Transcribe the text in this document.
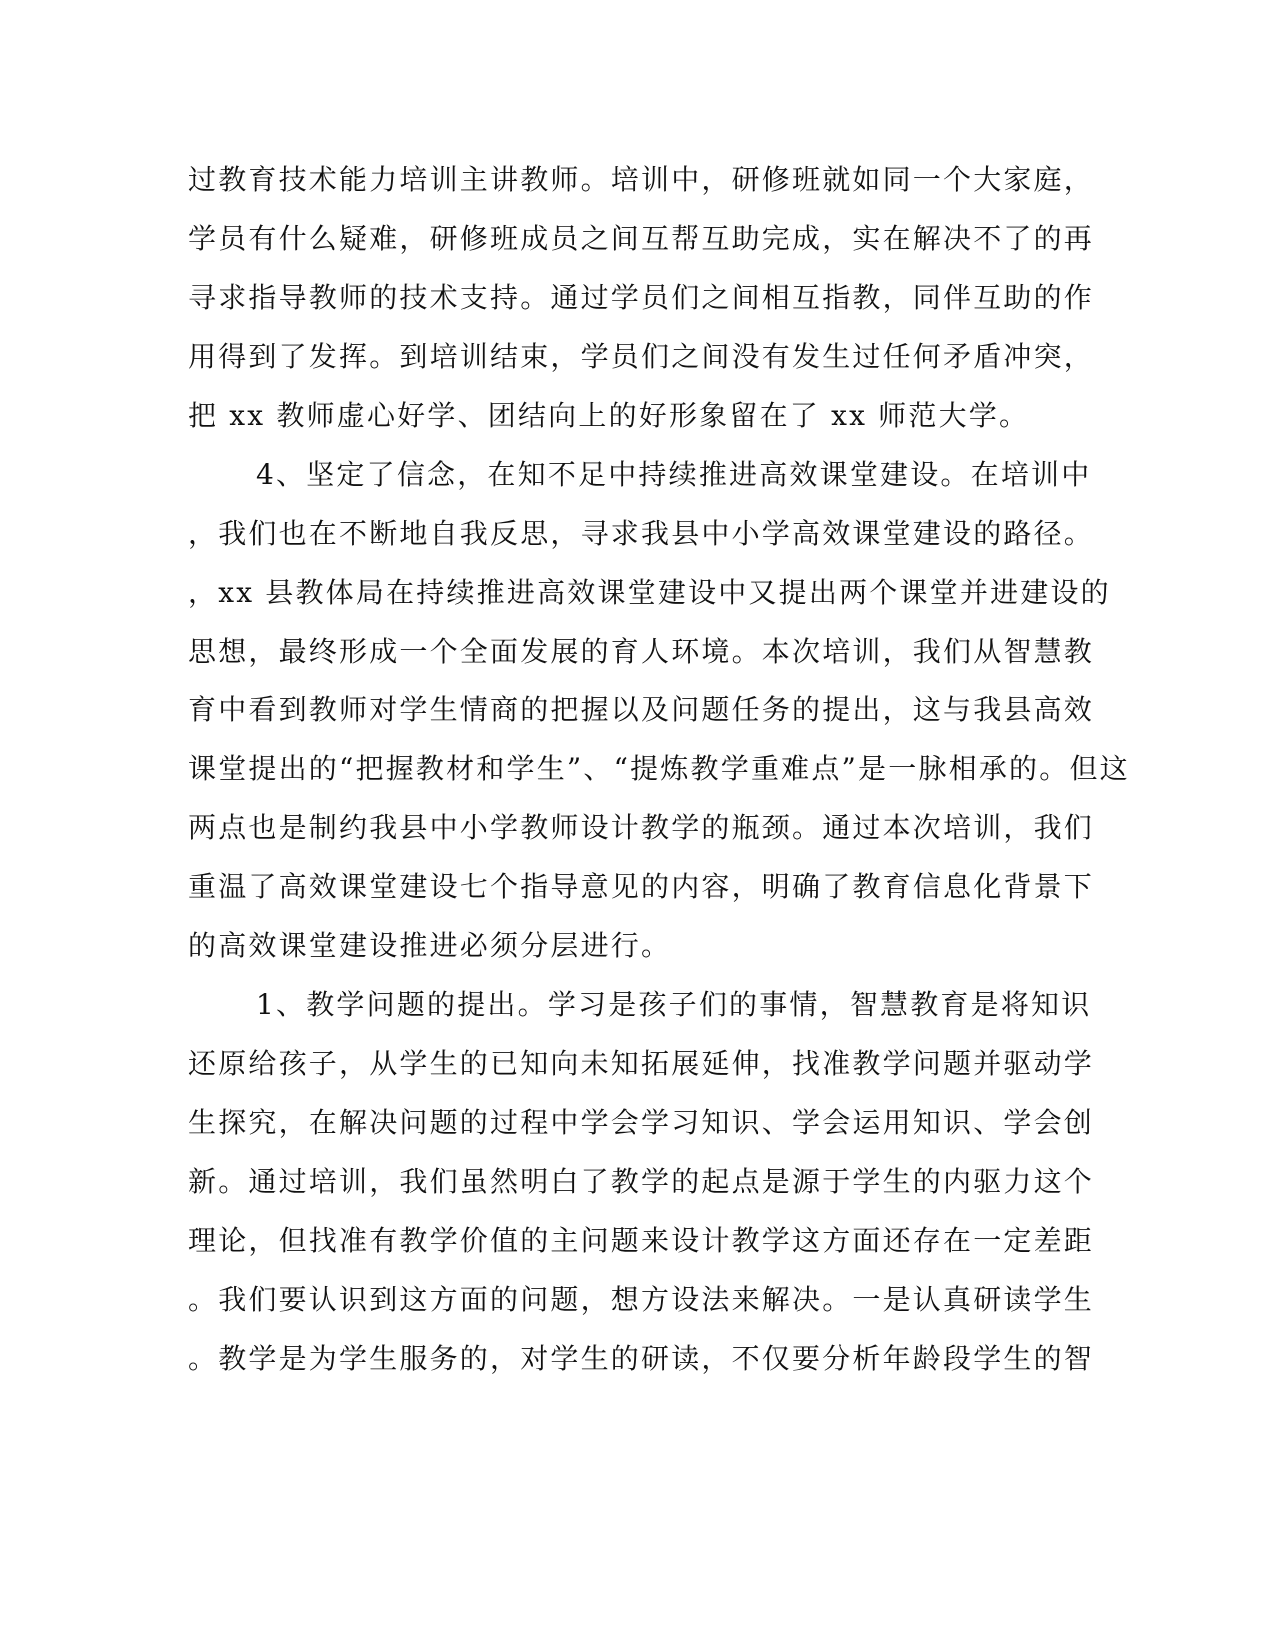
过教育技术能力培训主讲教师。培训中，研修班就如同一个大家庭，
学员有什么疑难，研修班成员之间互帮互助完成，实在解决不了的再
寻求指导教师的技术支持。通过学员们之间相互指教，同伴互助的作
用得到了发挥。到培训结束，学员们之间没有发生过任何矛盾冲突，
把 xx 教师虚心好学、团结向上的好形象留在了 xx 师范大学。
4、坚定了信念，在知不足中持续推进高效课堂建设。在培训中
，我们也在不断地自我反思，寻求我县中小学高效课堂建设的路径。
，xx 县教体局在持续推进高效课堂建设中又提出两个课堂并进建设的
思想，最终形成一个全面发展的育人环境。本次培训，我们从智慧教
育中看到教师对学生情商的把握以及问题任务的提出，这与我县高效
课堂提出的“把握教材和学生”、“提炼教学重难点”是一脉相承的。但这
两点也是制约我县中小学教师设计教学的瓶颈。通过本次培训，我们
重温了高效课堂建设七个指导意见的内容，明确了教育信息化背景下
的高效课堂建设推进必须分层进行。
1、教学问题的提出。学习是孩子们的事情，智慧教育是将知识
还原给孩子，从学生的已知向未知拓展延伸，找准教学问题并驱动学
生探究，在解决问题的过程中学会学习知识、学会运用知识、学会创
新。通过培训，我们虽然明白了教学的起点是源于学生的内驱力这个
理论，但找准有教学价值的主问题来设计教学这方面还存在一定差距
。我们要认识到这方面的问题，想方设法来解决。一是认真研读学生
。教学是为学生服务的，对学生的研读，不仅要分析年龄段学生的智
